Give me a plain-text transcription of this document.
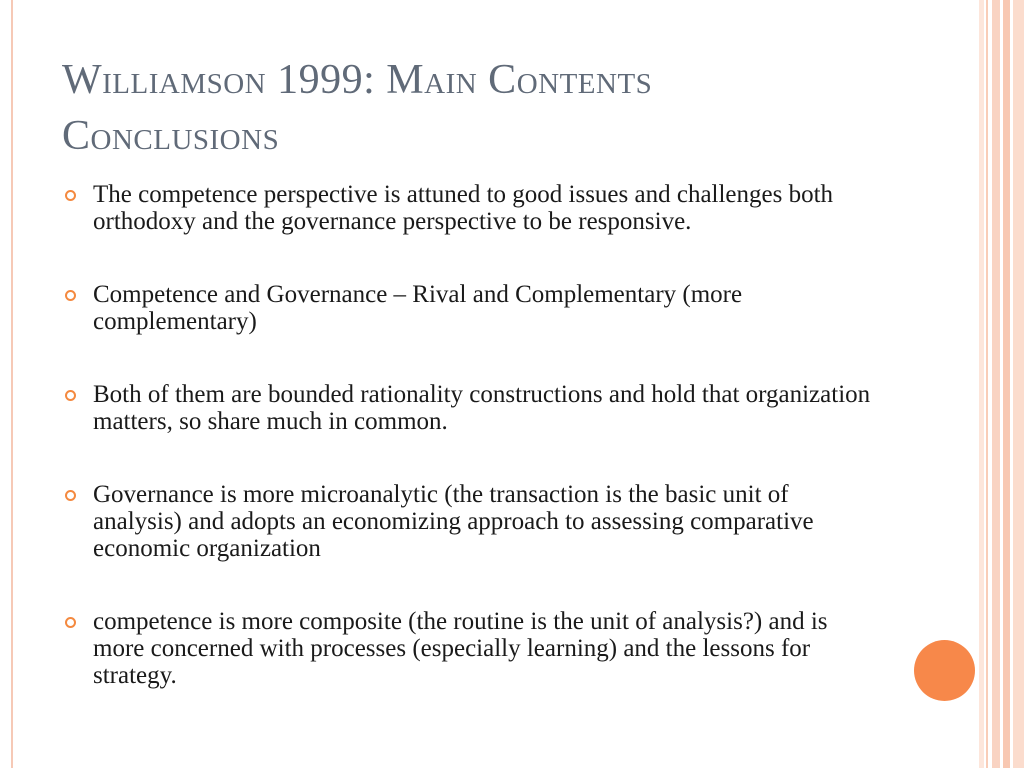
Williamson 1999: Main Contents
Conclusions
The competence perspective is attuned to good issues and challenges both orthodoxy and the governance perspective to be responsive.
Competence and Governance – Rival and Complementary (more complementary)
Both of them are bounded rationality constructions and hold that organization matters, so share much in common.
Governance is more microanalytic (the transaction is the basic unit of analysis) and adopts an economizing approach to assessing comparative economic organization
competence is more composite (the routine is the unit of analysis?) and is more concerned with processes (especially learning) and the lessons for strategy.
